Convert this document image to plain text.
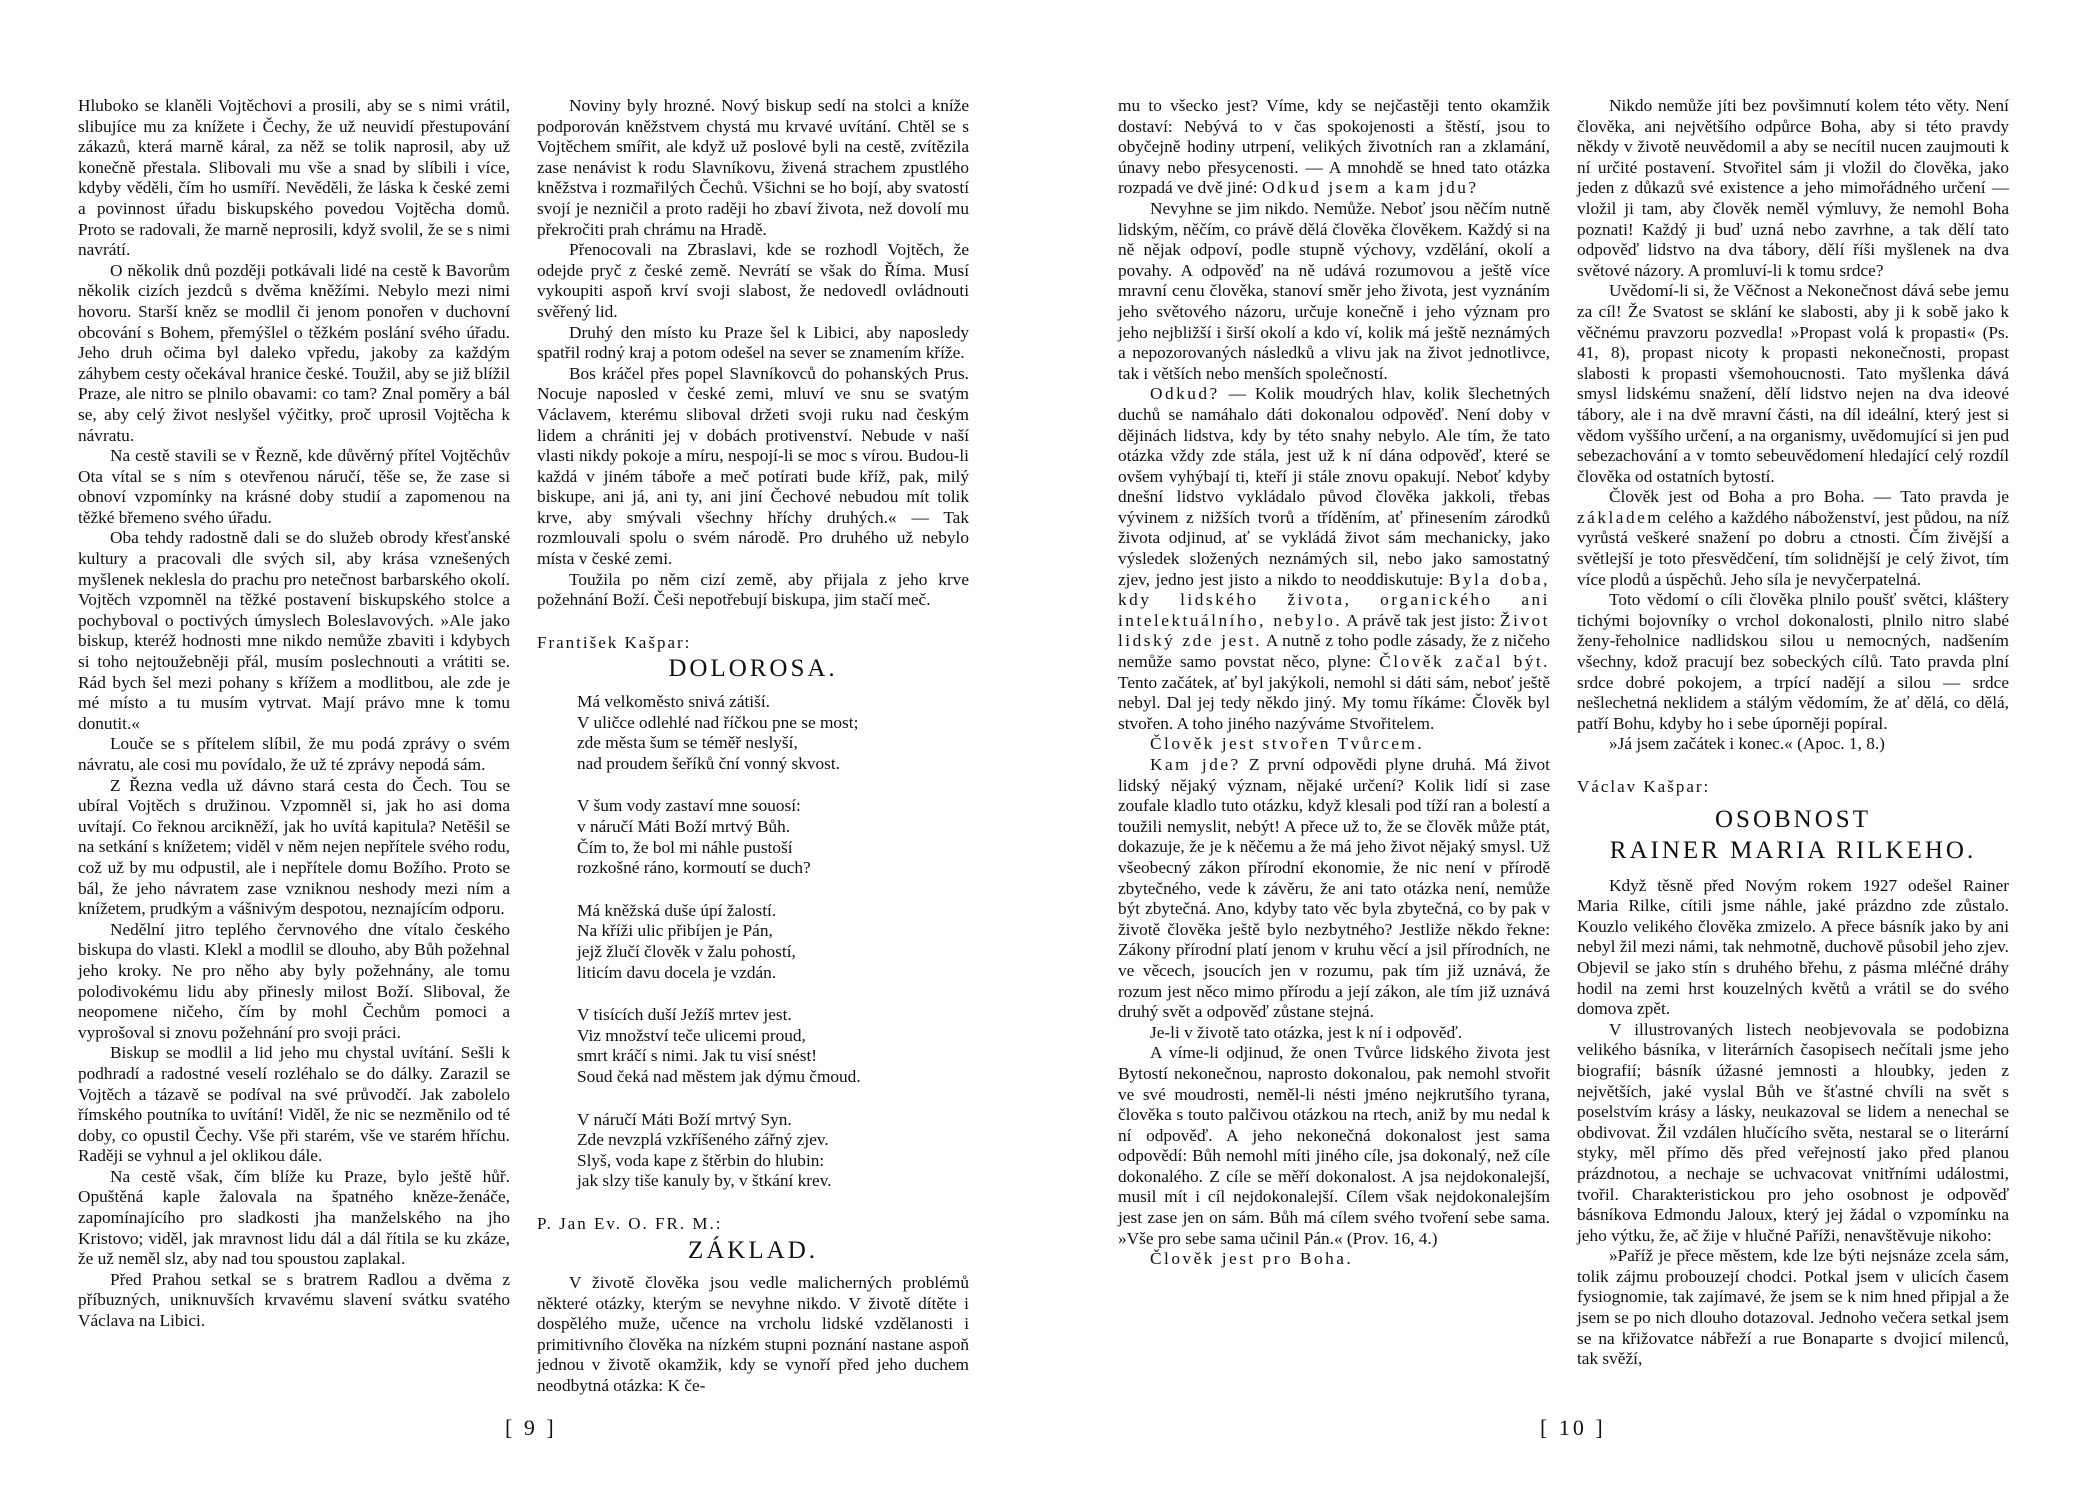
Hluboko se klaněli Vojtěchovi a prosili, aby se s nimi vrátil, slibujíce mu za knížete i Čechy, že už neuvidí přestupování zákazů, která marně káral, za něž se tolik naprosil, aby už konečně přestala. Slibovali mu vše a snad by slíbili i více, kdyby věděli, čím ho usmíří. Nevěděli, že láska k české zemi a povinnost úřadu biskupského povedou Vojtěcha domů. Proto se radovali, že marně neprosili, když svolil, že se s nimi navrátí.

O několik dnů později potkávali lidé na cestě k Bavorům několik cizích jezdců s dvěma kněžími. Nebylo mezi nimi hovoru. Starší kněz se modlil či jenom ponořen v duchovní obcování s Bohem, přemýšlel o těžkém poslání svého úřadu. Jeho druh očima byl daleko vpředu, jakoby za každým záhybem cesty očekával hranice české. Toužil, aby se již blížil Praze, ale nitro se plnilo obavami: co tam? Znal poměry a bál se, aby celý život neslyšel výčitky, proč uprosil Vojtěcha k návratu.

Na cestě stavili se v Řezně, kde důvěrný přítel Vojtěchův Ota vítal se s ním s otevřenou náručí, těše se, že zase si obnoví vzpomínky na krásné doby studií a zapomenou na těžké břemeno svého úřadu.

Oba tehdy radostně dali se do služeb obrody křesťanské kultury a pracovali dle svých sil, aby krása vznešených myšlenek neklesla do prachu pro netečnost barbarského okolí. Vojtěch vzpomněl na těžké postavení biskupského stolce a pochyboval o poctivých úmyslech Boleslavových. »Ale jako biskup, kteréž hodnosti mne nikdo nemůže zbaviti i kdybych si toho nejtoužebněji přál, musím poslechnouti a vrátiti se. Rád bych šel mezi pohany s křížem a modlitbou, ale zde je mé místo a tu musím vytrvat. Mají právo mne k tomu donutit.«

Louče se s přítelem slíbil, že mu podá zprávy o svém návratu, ale cosi mu povídalo, že už té zprávy nepodá sám.

Z Řezna vedla už dávno stará cesta do Čech. Tou se ubíral Vojtěch s družinou. Vzpomněl si, jak ho asi doma uvítají. Co řeknou arcikněží, jak ho uvítá kapitula? Netěšil se na setkání s knížetem; viděl v něm nejen nepřítele svého rodu, což už by mu odpustil, ale i nepřítele domu Božího. Proto se bál, že jeho návratem zase vzniknou neshody mezi ním a knížetem, prudkým a vášnivým despotou, neznajícím odporu.

Nedělní jitro teplého červnového dne vítalo českého biskupa do vlasti. Klekl a modlil se dlouho, aby Bůh požehnal jeho kroky. Ne pro něho aby byly požehnány, ale tomu polodivokému lidu aby přinesly milost Boží. Sliboval, že neopomene ničeho, čím by mohl Čechům pomoci a vyprošoval si znovu požehnání pro svoji práci.

Biskup se modlil a lid jeho mu chystal uvítání. Sešli k podhradí a radostné veselí rozléhalo se do dálky. Zarazil se Vojtěch a tázavě se podíval na své průvodčí. Jak zabolelo římského poutníka to uvítání! Viděl, že nic se nezměnilo od té doby, co opustil Čechy. Vše při starém, vše ve starém hříchu. Raději se vyhnul a jel oklikou dále.

Na cestě však, čím blíže ku Praze, bylo ještě hůř. Opuštěná kaple žalovala na špatného kněze-ženáče, zapomínajícího pro sladkosti jha manželského na jho Kristovo; viděl, jak mravnost lidu dál a dál řítila se ku zkáze, že už neměl slz, aby nad tou spoustou zaplakal.

Před Prahou setkal se s bratrem Radlou a dvěma z příbuzných, uniknuvších krvavému slavení svátku svatého Václava na Libici.

Noviny byly hrozné. Nový biskup sedí na stolci a kníže podporován kněžstvem chystá mu krvavé uvítání. Chtěl se s Vojtěchem smířit, ale když už poslové byli na cestě, zvítězila zase nenávist k rodu Slavníkovu, živená strachem zpustlého kněžstva i rozmařilých Čechů. Všichni se ho bojí, aby svatostí svojí je nezničil a proto raději ho zbaví života, než dovolí mu překročiti prah chrámu na Hradě.

Přenocovali na Zbraslavi, kde se rozhodl Vojtěch, že odejde pryč z české země. Nevrátí se však do Říma. Musí vykoupiti aspoň krví svoji slabost, že nedovedl ovládnouti svěřený lid.

Druhý den místo ku Praze šel k Libici, aby naposledy spatřil rodný kraj a potom odešel na sever se znamením kříže.

Bos kráčel přes popel Slavníkovců do pohanských Prus. Nocuje naposled v české zemi, mluví ve snu se svatým Václavem, kterému sliboval držeti svoji ruku nad českým lidem a chrániti jej v dobách protivenství. Nebude v naší vlasti nikdy pokoje a míru, nespojí-li se moc s vírou. Budou-li každá v jiném táboře a meč potírati bude kříž, pak, milý biskupe, ani já, ani ty, ani jiní Čechové nebudou mít tolik krve, aby smývali všechny hříchy druhých.« — Tak rozmlouvali spolu o svém národě. Pro druhého už nebylo místa v české zemi.

Toužila po něm cizí země, aby přijala z jeho krve požehnání Boží. Češi nepotřebují biskupa, jim stačí meč.

František Kašpar:
DOLOROSA.
Má velkoměsto snivá zátiší.
V uličce odlehlé nad říčkou pne se most;
zde města šum se téměř neslyší,
nad proudem šeříků ční vonný skvost.
V šum vody zastaví mne souosí:
v náručí Máti Boží mrtvý Bůh.
Čím to, že bol mi náhle pustoší
rozkošné ráno, kormoutí se duch?
Má kněžská duše úpí žalostí.
Na kříži ulic přibíjen je Pán,
jejž žlučí člověk v žalu pohostí,
liticím davu docela je vzdán.
V tisících duší Ježíš mrtev jest.
Viz množství teče ulicemi proud,
smrt kráčí s nimi. Jak tu visí snést!
Soud čeká nad městem jak dýmu čmoud.
V náručí Máti Boží mrtvý Syn.
Zde nevzplá vzkříšeného zářný zjev.
Slyš, voda kape z štěrbin do hlubin:
jak slzy tiše kanuly by, v štkání krev.
P. Jan Ev. O. FR. M.:
ZÁKLAD.

V životě člověka jsou vedle malicherných problémů některé otázky, kterým se nevyhne nikdo. V životě dítěte i dospělého muže, učence na vrcholu lidské vzdělanosti i primitivního člověka na nízkém stupni poznání nastane aspoň jednou v životě okamžik, kdy se vynoří před jeho duchem neodbytná otázka: K če-

[ 9 ]

mu to všecko jest? Víme, kdy se nejčastěji tento okamžik dostaví: Nebývá to v čas spokojenosti a štěstí, jsou to obyčejně hodiny utrpení, velikých životních ran a zklamání, únavy nebo přesycenosti. — A mnohdě se hned tato otázka rozpadá ve dvě jiné: Odkud jsem a kam jdu?

Nevyhne se jim nikdo. Nemůže. Neboť jsou něčím nutně lidským, něčím, co právě dělá člověka člověkem. Každý si na ně nějak odpoví, podle stupně výchovy, vzdělání, okolí a povahy. A odpověď na ně udává rozumovou a ještě více mravní cenu člověka, stanoví směr jeho života, jest vyznáním jeho světového názoru, určuje konečně i jeho význam pro jeho nejbližší i širší okolí a kdo ví, kolik má ještě neznámých a nepozorovaných následků a vlivu jak na život jednotlivce, tak i větších nebo menších společností.

Odkud? — Kolik moudrých hlav, kolik šlechetných duchů se namáhalo dáti dokonalou odpověď. Není doby v dějinách lidstva, kdy by této snahy nebylo. Ale tím, že tato otázka vždy zde stála, jest už k ní dána odpověď, které se ovšem vyhýbají ti, kteří ji stále znovu opakují. Neboť kdyby dnešní lidstvo vykládalo původ člověka jakkoli, třebas vývinem z nižších tvorů a tříděním, ať přinesením zárodků života odjinud, ať se vykládá život sám mechanicky, jako výsledek složených neznámých sil, nebo jako samostatný zjev, jedno jest jisto a nikdo to neoddiskutuje: Byla doba, kdy lidského života, organického ani intelektuálního, nebylo. A právě tak jest jisto: Život lidský zde jest. A nutně z toho podle zásady, že z ničeho nemůže samo povstat něco, plyne: Člověk začal být. Tento začátek, ať byl jakýkoli, nemohl si dáti sám, neboť ještě nebyl. Dal jej tedy někdo jiný. My tomu říkáme: Člověk byl stvořen. A toho jiného nazýváme Stvořitelem.

Člověk jest stvořen Tvůrcem.

Kam jde? Z první odpovědi plyne druhá. Má život lidský nějaký význam, nějaké určení? Kolik lidí si zase zoufale kladlo tuto otázku, když klesali pod tíží ran a bolestí a toužili nemyslit, nebýt! A přece už to, že se člověk může ptát, dokazuje, že je k něčemu a že má jeho život nějaký smysl. Už všeobecný zákon přírodní ekonomie, že nic není v přírodě zbytečného, vede k závěru, že ani tato otázka není, nemůže být zbytečná. Ano, kdyby tato věc byla zbytečná, co by pak v životě člověka ještě bylo nezbytného? Jestliže někdo řekne: Zákony přírodní platí jenom v kruhu věcí a jsil přírodních, ne ve věcech, jsoucích jen v rozumu, pak tím již uznává, že rozum jest něco mimo přírodu a její zákon, ale tím již uznává druhý svět a odpověď zůstane stejná.

Je-li v životě tato otázka, jest k ní i odpověď.

A víme-li odjinud, že onen Tvůrce lidského života jest Bytostí nekonečnou, naprosto dokonalou, pak nemohl stvořit ve své moudrosti, neměl-li nésti jméno nejkrutšího tyrana, člověka s touto palčivou otázkou na rtech, aniž by mu nedal k ní odpověď. A jeho nekonečná dokonalost jest sama odpovědí: Bůh nemohl míti jiného cíle, jsa dokonalý, než cíle dokonalého. Z cíle se měří dokonalost. A jsa nejdokonalejší, musil mít i cíl nejdokonalejší. Cílem však nejdokonalejším jest zase jen on sám. Bůh má cílem svého tvoření sebe sama. »Vše pro sebe sama učinil Pán.« (Prov. 16, 4.)

Člověk jest pro Boha.

Nikdo nemůže jíti bez povšimnutí kolem této věty. Není člověka, ani největšího odpůrce Boha, aby si této pravdy někdy v životě neuvědomil a aby se necítil nucen zaujmouti k ní určité postavení. Stvořitel sám ji vložil do člověka, jako jeden z důkazů své existence a jeho mimořádného určení — vložil ji tam, aby člověk neměl výmluvy, že nemohl Boha poznati! Každý ji buď uzná nebo zavrhne, a tak dělí tato odpověď lidstvo na dva tábory, dělí říši myšlenek na dva světové názory. A promluví-li k tomu srdce?

Uvědomí-li si, že Věčnost a Nekonečnost dává sebe jemu za cíl! Že Svatost se sklání ke slabosti, aby ji k sobě jako k věčnému pravzoru pozvedla! »Propast volá k propasti« (Ps. 41, 8), propast nicoty k propasti nekonečnosti, propast slabosti k propasti všemohoucnosti. Tato myšlenka dává smysl lidskému snažení, dělí lidstvo nejen na dva ideové tábory, ale i na dvě mravní části, na díl ideální, který jest si vědom vyššího určení, a na organismy, uvědomující si jen pud sebezachování a v tomto sebeuvědomení hledající celý rozdíl člověka od ostatních bytostí.

Člověk jest od Boha a pro Boha. — Tato pravda je základem celého a každého náboženství, jest půdou, na níž vyrůstá veškeré snažení po dobru a ctnosti. Čím živější a světlejší je toto přesvědčení, tím solidnější je celý život, tím více plodů a úspěchů. Jeho síla je nevyčerpatelná.

Toto vědomí o cíli člověka plnilo poušť světci, kláštery tichými bojovníky o vrchol dokonalosti, plnilo nitro slabé ženy-řeholnice nadlidskou silou u nemocných, nadšením všechny, kdož pracují bez sobeckých cílů. Tato pravda plní srdce dobré pokojem, a trpící nadějí a silou — srdce nešlechetná neklidem a stálým vědomím, že ať dělá, co dělá, patří Bohu, kdyby ho i sebe úporněji popíral.

»Já jsem začátek i konec.« (Apoc. 1, 8.)

Václav Kašpar:
OSOBNOST
RAINER MARIA RILKEHO.

Když těsně před Novým rokem 1927 odešel Rainer Maria Rilke, cítili jsme náhle, jaké prázdno zde zůstalo. Kouzlo velikého člověka zmizelo. A přece básník jako by ani nebyl žil mezi námi, tak nehmotně, duchově působil jeho zjev. Objevil se jako stín s druhého břehu, z pásma mléčné dráhy hodil na zemi hrst kouzelných květů a vrátil se do svého domova zpět.

V illustrovaných listech neobjevovala se podobizna velikého básníka, v literárních časopisech nečítali jsme jeho biografií; básník úžasné jemnosti a hloubky, jeden z největších, jaké vyslal Bůh ve šťastné chvíli na svět s poselstvím krásy a lásky, neukazoval se lidem a nenechal se obdivovat. Žil vzdálen hlučícího světa, nestaral se o literární styky, měl přímo děs před veřejností jako před planou prázdnotou, a nechaje se uchvacovat vnitřními událostmi, tvořil. Charakteristickou pro jeho osobnost je odpověď básníkova Edmondu Jaloux, který jej žádal o vzpomínku na jeho výtku, že, ač žije v hlučné Paříži, nenavštěvuje nikoho:

»Paříž je přece městem, kde lze býti nejsnáze zcela sám, tolik zájmu probouzejí chodci. Potkal jsem v ulicích časem fysiognomie, tak zajímavé, že jsem se k nim hned připjal a že jsem se po nich dlouho dotazoval. Jednoho večera setkal jsem se na křižovatce nábřeží a rue Bonaparte s dvojicí milenců, tak svěží,

[ 10 ]
